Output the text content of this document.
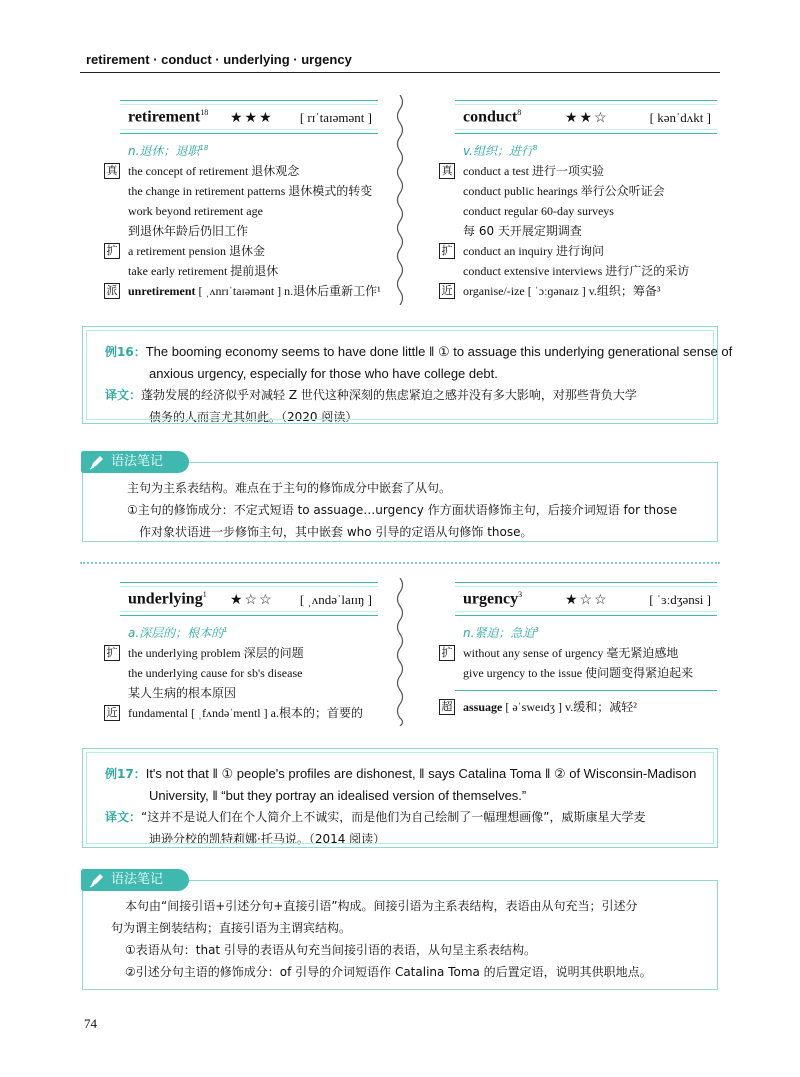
retirement · conduct · underlying · urgency
retirement$^{18}$ ★★★ [ rɪˈtaɪəmənt ]
n.退休；退职$^{18}$
真 the concept of retirement 退休观念
the change in retirement patterns 退休模式的转变
work beyond retirement age
到退休年龄后仍旧工作
扩 a retirement pension 退休金
take early retirement 提前退休
派 unretirement [ ˌʌnrɪˈtaɪəmənt ] n.退休后重新工作¹
conduct$^8$	★★☆	[ kənˈdʌkt ]
v.组织；进行$^8$
真 conduct a test 进行一项实验
conduct public hearings 举行公众听证会
conduct regular 60-day surveys
每 60 天开展定期调查
扩 conduct an inquiry 进行询问
conduct extensive interviews 进行广泛的采访
近 organise/-ize [ ˈɔːɡənaɪz ] v.组织；筹备³
例16：The booming economy seems to have done little ‖ ① to assuage this underlying generational sense of
anxious urgency, especially for those who have college debt.
译文：蓬勃发展的经济似乎对减轻 Z 世代这种深刻的焦虑紧迫之感并没有多大影响，对那些背负大学
债务的人而言尤其如此。（2020 阅读）
语法笔记
主句为主系表结构。难点在于主句的修饰成分中嵌套了从句。
①主句的修饰成分：不定式短语 to assuage…urgency 作方面状语修饰主句，后接介词短语 for those
作对象状语进一步修饰主句，其中嵌套 who 引导的定语从句修饰 those。
underlying$^1$ ★☆☆ [ ˌʌndəˈlaɪɪŋ ]
a.深层的；根本的$^1$
扩 the underlying problem 深层的问题
the underlying cause for sb's disease
某人生病的根本原因
近 fundamental [ ˌfʌndəˈmentl ] a.根本的；首要的
urgency$^3$	★☆☆	[ ˈɜːdʒənsi ]
n.紧迫；急迫$^3$
扩 without any sense of urgency 毫无紧迫感地
give urgency to the issue 使问题变得紧迫起来
超 assuage [ əˈsweɪdʒ ] v.缓和；减轻²
例17：It's not that ‖ ① people's profiles are dishonest, ‖ says Catalina Toma ‖ ② of Wisconsin-Madison
University, ‖ “but they portray an idealised version of themselves.”
译文：“这并不是说人们在个人简介上不诚实，而是他们为自己绘制了一幅理想画像”，威斯康星大学麦
迪逊分校的凯特莉娜·托马说。（2014 阅读）
语法笔记
本句由“间接引语+引述分句+直接引语”构成。间接引语为主系表结构，表语由从句充当；引述分
句为谓主倒装结构；直接引语为主谓宾结构。
①表语从句：that 引导的表语从句充当间接引语的表语，从句呈主系表结构。
②引述分句主语的修饰成分：of 引导的介词短语作 Catalina Toma 的后置定语，说明其供职地点。
74
